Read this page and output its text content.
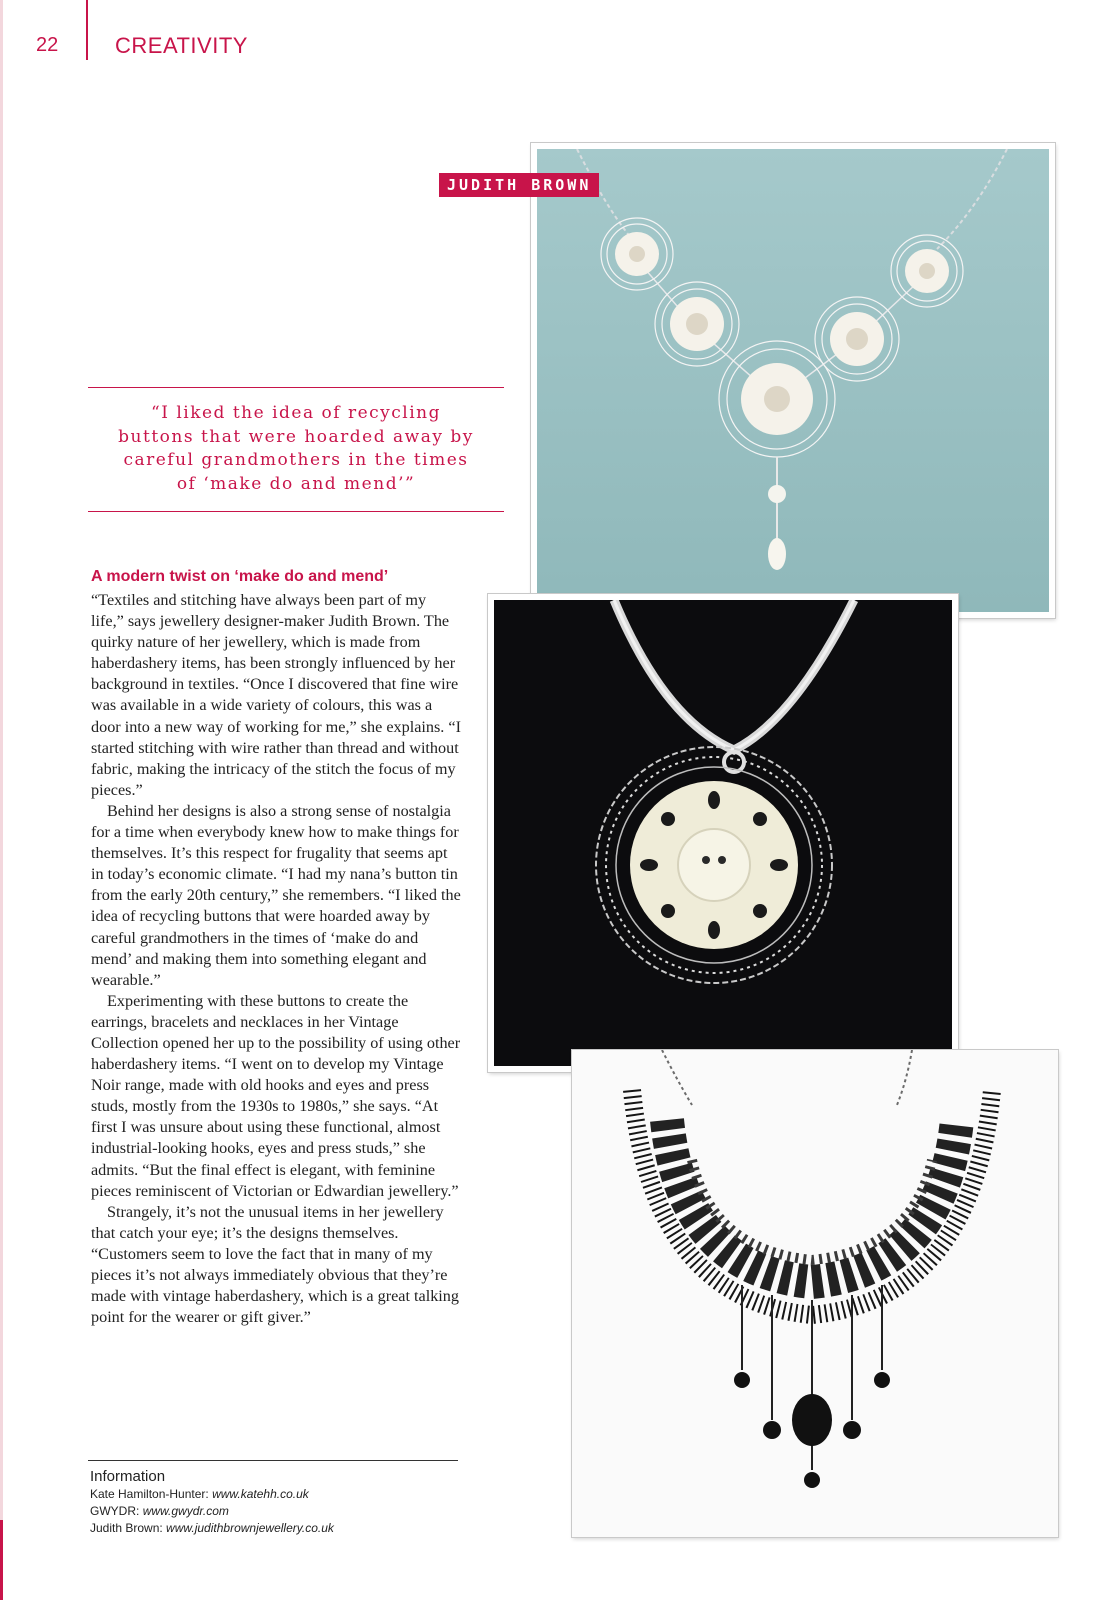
22	CREATIVITY
JUDITH BROWN
“I liked the idea of recycling buttons that were hoarded away by careful grandmothers in the times of ‘make do and mend’”
A modern twist on ‘make do and mend’

“Textiles and stitching have always been part of my life,” says jewellery designer-maker Judith Brown. The quirky nature of her jewellery, which is made from haberdashery items, has been strongly influenced by her background in textiles. “Once I discovered that fine wire was available in a wide variety of colours, this was a door into a new way of working for me,” she explains. “I started stitching with wire rather than thread and without fabric, making the intricacy of the stitch the focus of my pieces.”

Behind her designs is also a strong sense of nostalgia for a time when everybody knew how to make things for themselves. It’s this respect for frugality that seems apt in today’s economic climate. “I had my nana’s button tin from the early 20th century,” she remembers. “I liked the idea of recycling buttons that were hoarded away by careful grandmothers in the times of ‘make do and mend’ and making them into something elegant and wearable.”

Experimenting with these buttons to create the earrings, bracelets and necklaces in her Vintage Collection opened her up to the possibility of using other haberdashery items. “I went on to develop my Vintage Noir range, made with old hooks and eyes and press studs, mostly from the 1930s to 1980s,” she says. “At first I was unsure about using these functional, almost industrial-looking hooks, eyes and press studs,” she admits. “But the final effect is elegant, with feminine pieces reminiscent of Victorian or Edwardian jewellery.”

Strangely, it’s not the unusual items in her jewellery that catch your eye; it’s the designs themselves. “Customers seem to love the fact that in many of my pieces it’s not always immediately obvious that they’re made with vintage haberdashery, which is a great talking point for the wearer or gift giver.”

Information
Kate Hamilton-Hunter: www.katehh.co.uk
GWYDR: www.gwydr.com
Judith Brown: www.judithbrownjewellery.co.uk
